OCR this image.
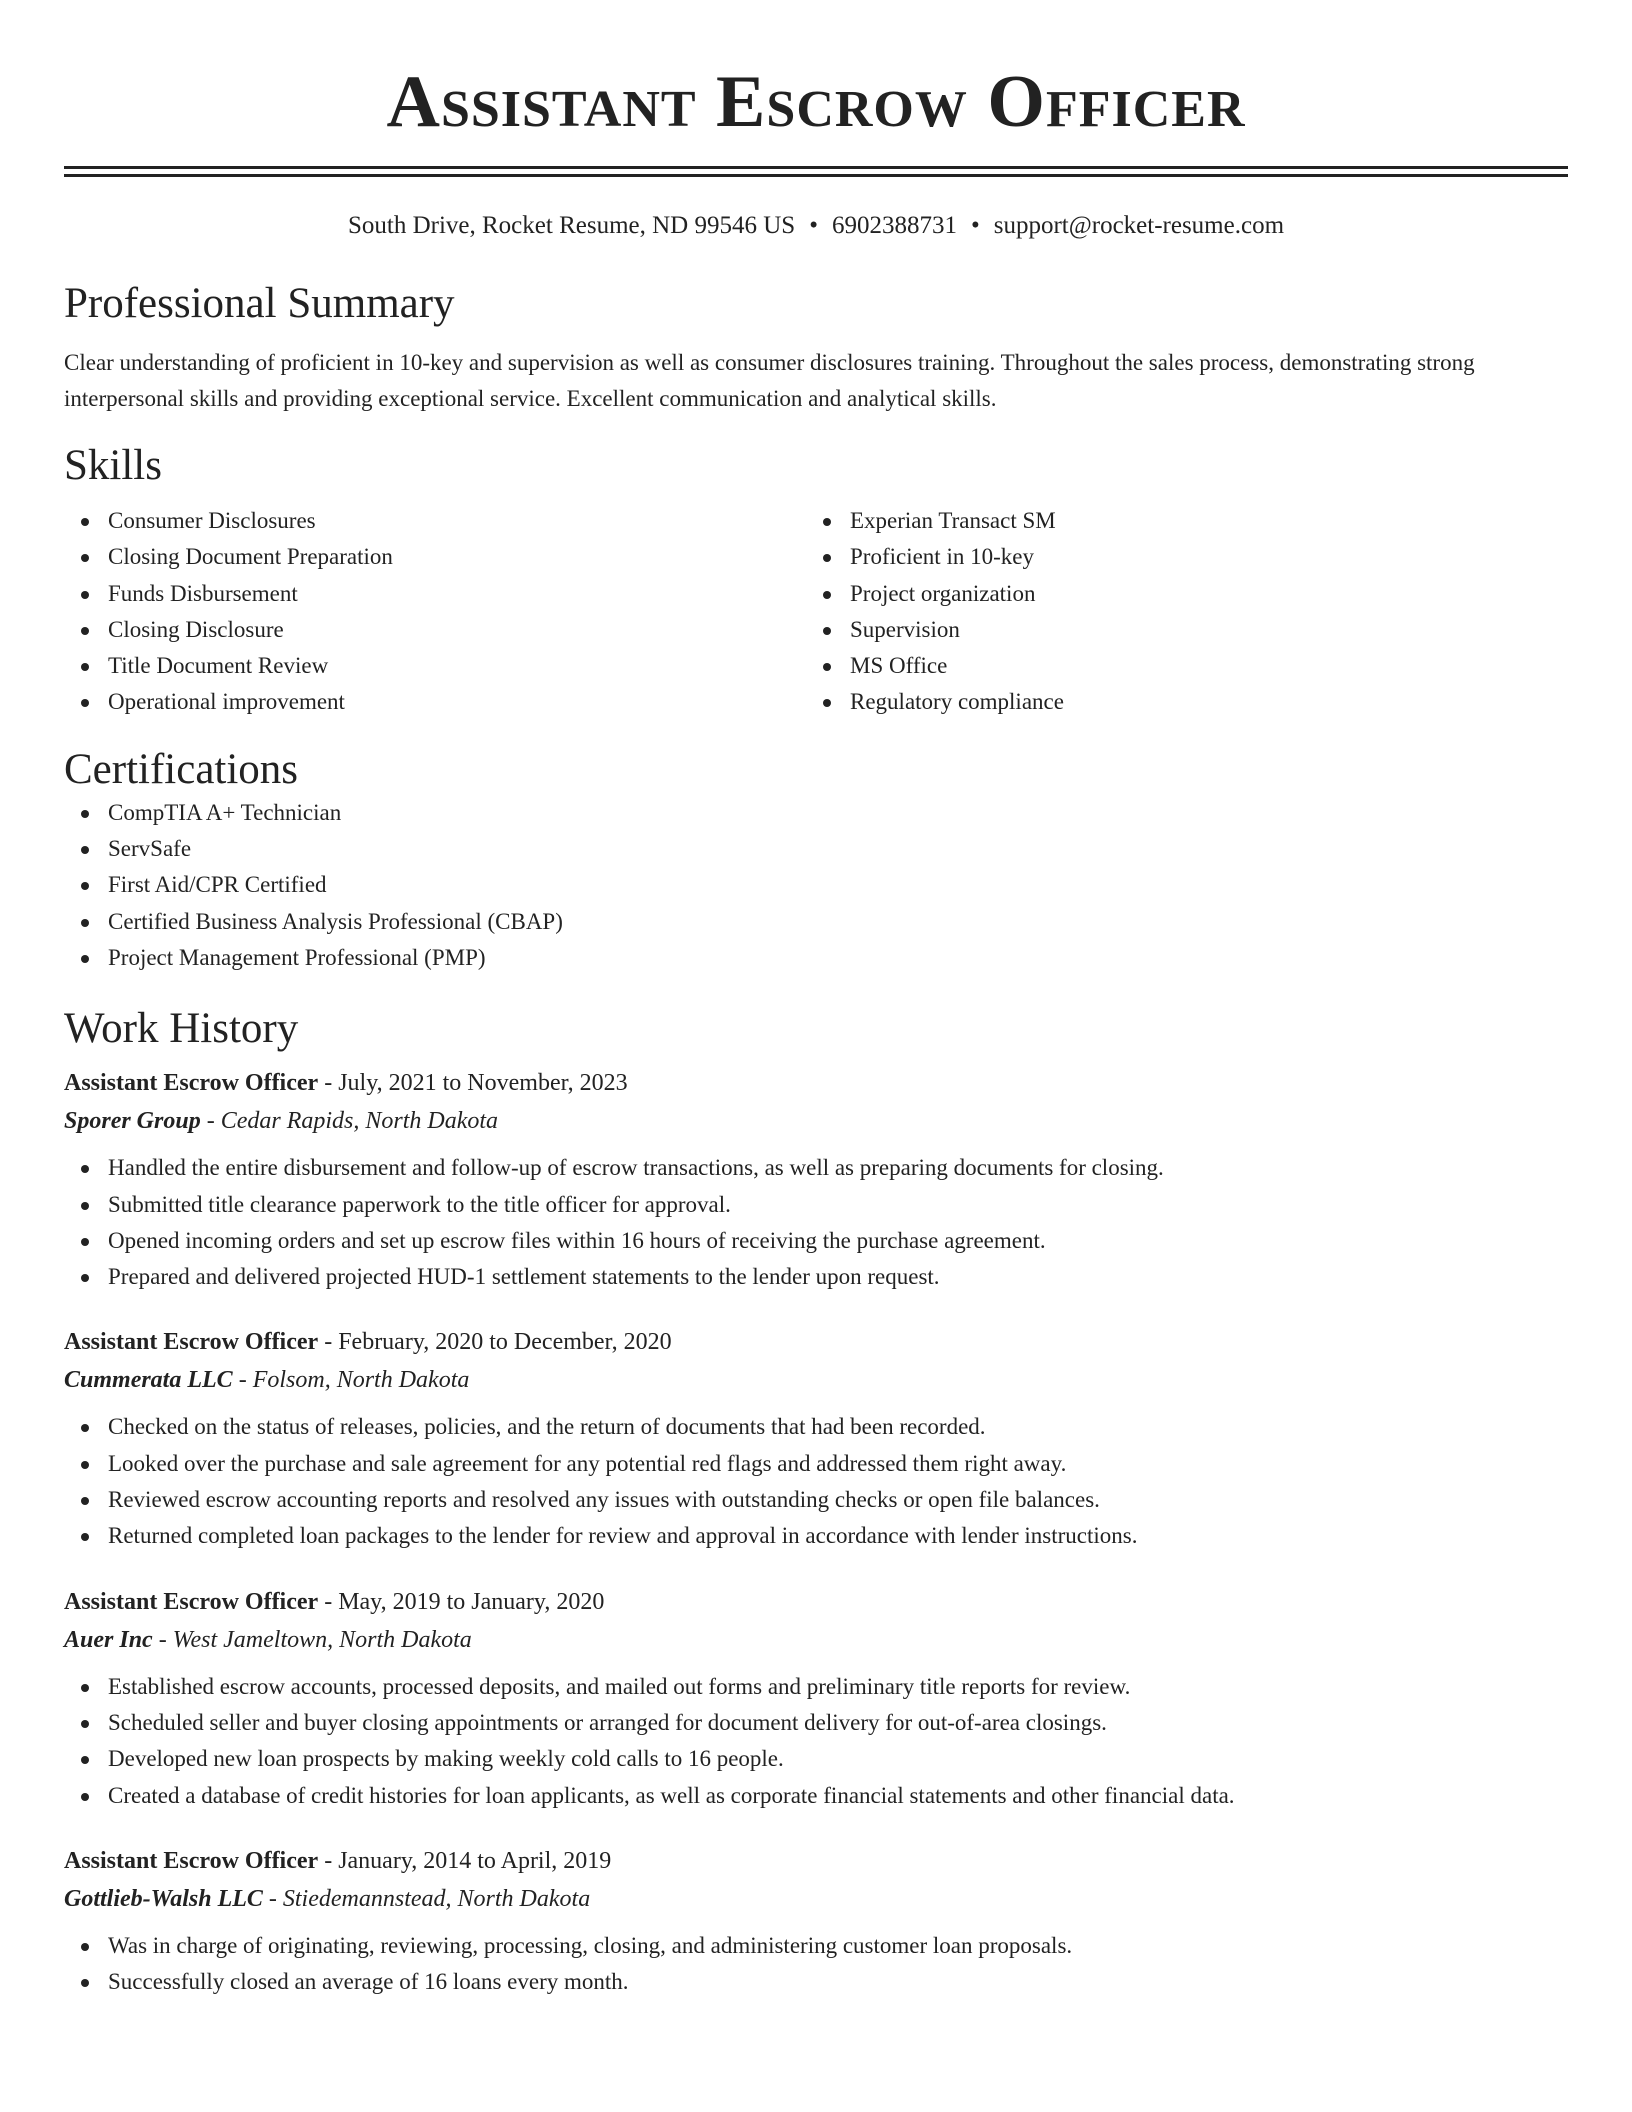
Assistant Escrow Officer
South Drive, Rocket Resume, ND 99546 US • 6902388731 • support@rocket-resume.com
Professional Summary

Clear understanding of proficient in 10-key and supervision as well as consumer disclosures training. Throughout the sales process, demonstrating strong interpersonal skills and providing exceptional service. Excellent communication and analytical skills.

Skills
Consumer Disclosures
Closing Document Preparation
Funds Disbursement
Closing Disclosure
Title Document Review
Operational improvement
Experian Transact SM
Proficient in 10-key
Project organization
Supervision
MS Office
Regulatory compliance
Certifications
CompTIA A+ Technician
ServSafe
First Aid/CPR Certified
Certified Business Analysis Professional (CBAP)
Project Management Professional (PMP)
Work History
Assistant Escrow Officer - July, 2021 to November, 2023
Sporer Group - Cedar Rapids, North Dakota
Handled the entire disbursement and follow-up of escrow transactions, as well as preparing documents for closing.
Submitted title clearance paperwork to the title officer for approval.
Opened incoming orders and set up escrow files within 16 hours of receiving the purchase agreement.
Prepared and delivered projected HUD-1 settlement statements to the lender upon request.
Assistant Escrow Officer - February, 2020 to December, 2020
Cummerata LLC - Folsom, North Dakota
Checked on the status of releases, policies, and the return of documents that had been recorded.
Looked over the purchase and sale agreement for any potential red flags and addressed them right away.
Reviewed escrow accounting reports and resolved any issues with outstanding checks or open file balances.
Returned completed loan packages to the lender for review and approval in accordance with lender instructions.
Assistant Escrow Officer - May, 2019 to January, 2020
Auer Inc - West Jameltown, North Dakota
Established escrow accounts, processed deposits, and mailed out forms and preliminary title reports for review.
Scheduled seller and buyer closing appointments or arranged for document delivery for out-of-area closings.
Developed new loan prospects by making weekly cold calls to 16 people.
Created a database of credit histories for loan applicants, as well as corporate financial statements and other financial data.
Assistant Escrow Officer - January, 2014 to April, 2019
Gottlieb-Walsh LLC - Stiedemannstead, North Dakota
Was in charge of originating, reviewing, processing, closing, and administering customer loan proposals.
Successfully closed an average of 16 loans every month.
